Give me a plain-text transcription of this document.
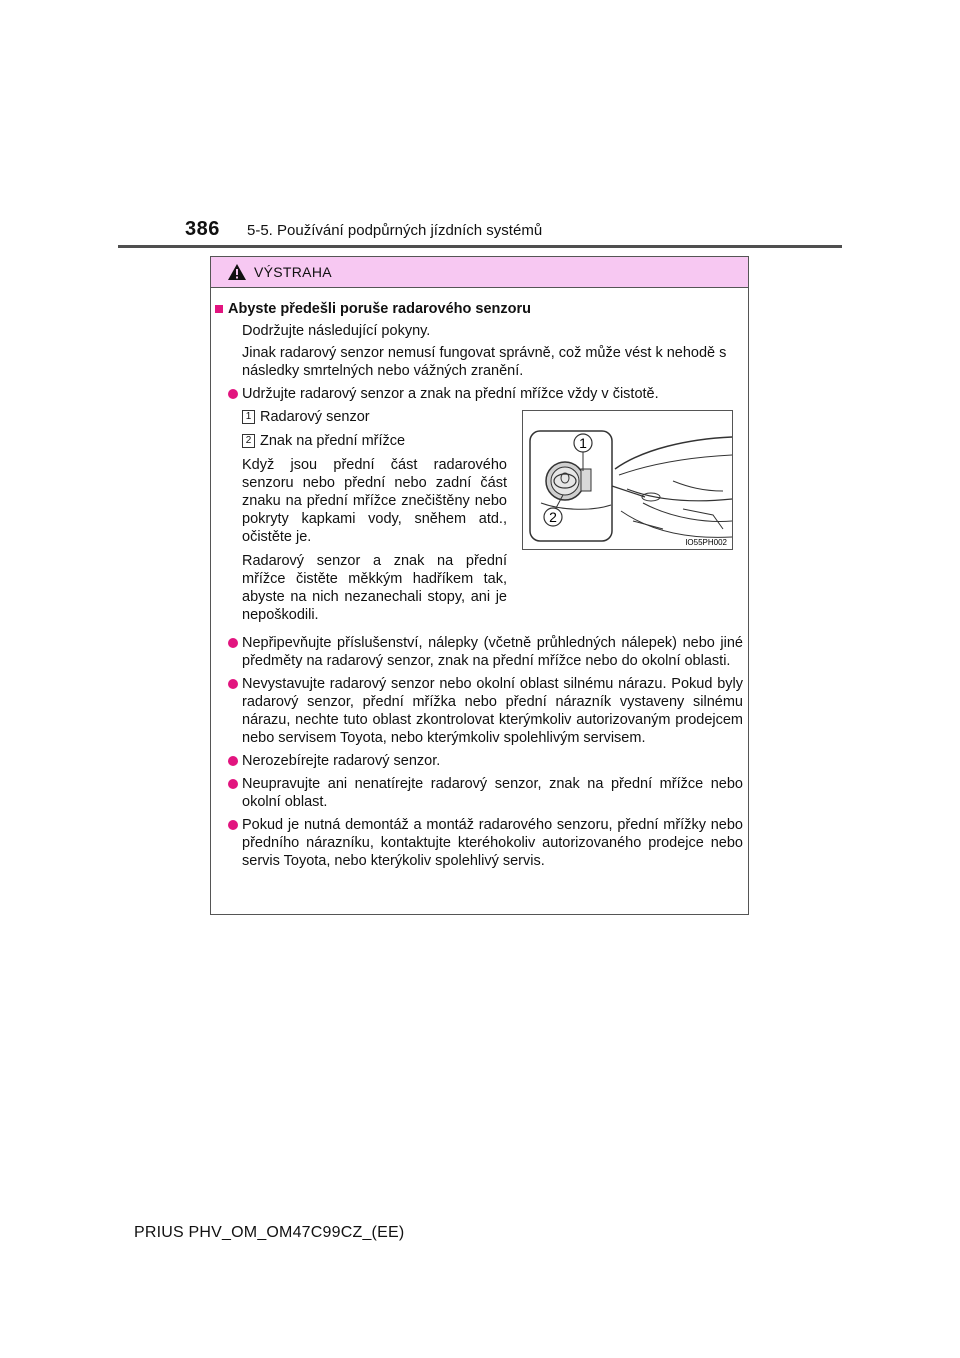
386 5-5. Používání podpůrných jízdních systémů
VÝSTRAHA
Abyste předešli poruše radarového senzoru
Dodržujte následující pokyny.
Jinak radarový senzor nemusí fungovat správně, což může vést k nehodě s následky smrtelných nebo vážných zranění.
Udržujte radarový senzor a znak na přední mřížce vždy v čistotě.
1 Radarový senzor
2 Znak na přední mřížce
Když jsou přední část radarového senzoru nebo přední nebo zadní část znaku na přední mřížce znečištěny nebo pokryty kapkami vody, sněhem atd., očistěte je.
Radarový senzor a znak na přední mřížce čistěte měkkým hadříkem tak, abyste na nich nezanechali stopy, ani je nepoškodili.
1
2
IO55PH002
Nepřipevňujte příslušenství, nálepky (včetně průhledných nálepek) nebo jiné předměty na radarový senzor, znak na přední mřížce nebo do okolní oblasti.
Nevystavujte radarový senzor nebo okolní oblast silnému nárazu. Pokud byly radarový senzor, přední mřížka nebo přední nárazník vystaveny silnému nárazu, nechte tuto oblast zkontrolovat kterýmkoliv autorizovaným prodejcem nebo servisem Toyota, nebo kterýmkoliv spolehlivým servisem.
Nerozebírejte radarový senzor.
Neupravujte ani nenatírejte radarový senzor, znak na přední mřížce nebo okolní oblast.
Pokud je nutná demontáž a montáž radarového senzoru, přední mřížky nebo předního nárazníku, kontaktujte kteréhokoliv autorizovaného prodejce nebo servis Toyota, nebo kterýkoliv spolehlivý servis.
PRIUS PHV_OM_OM47C99CZ_(EE)
